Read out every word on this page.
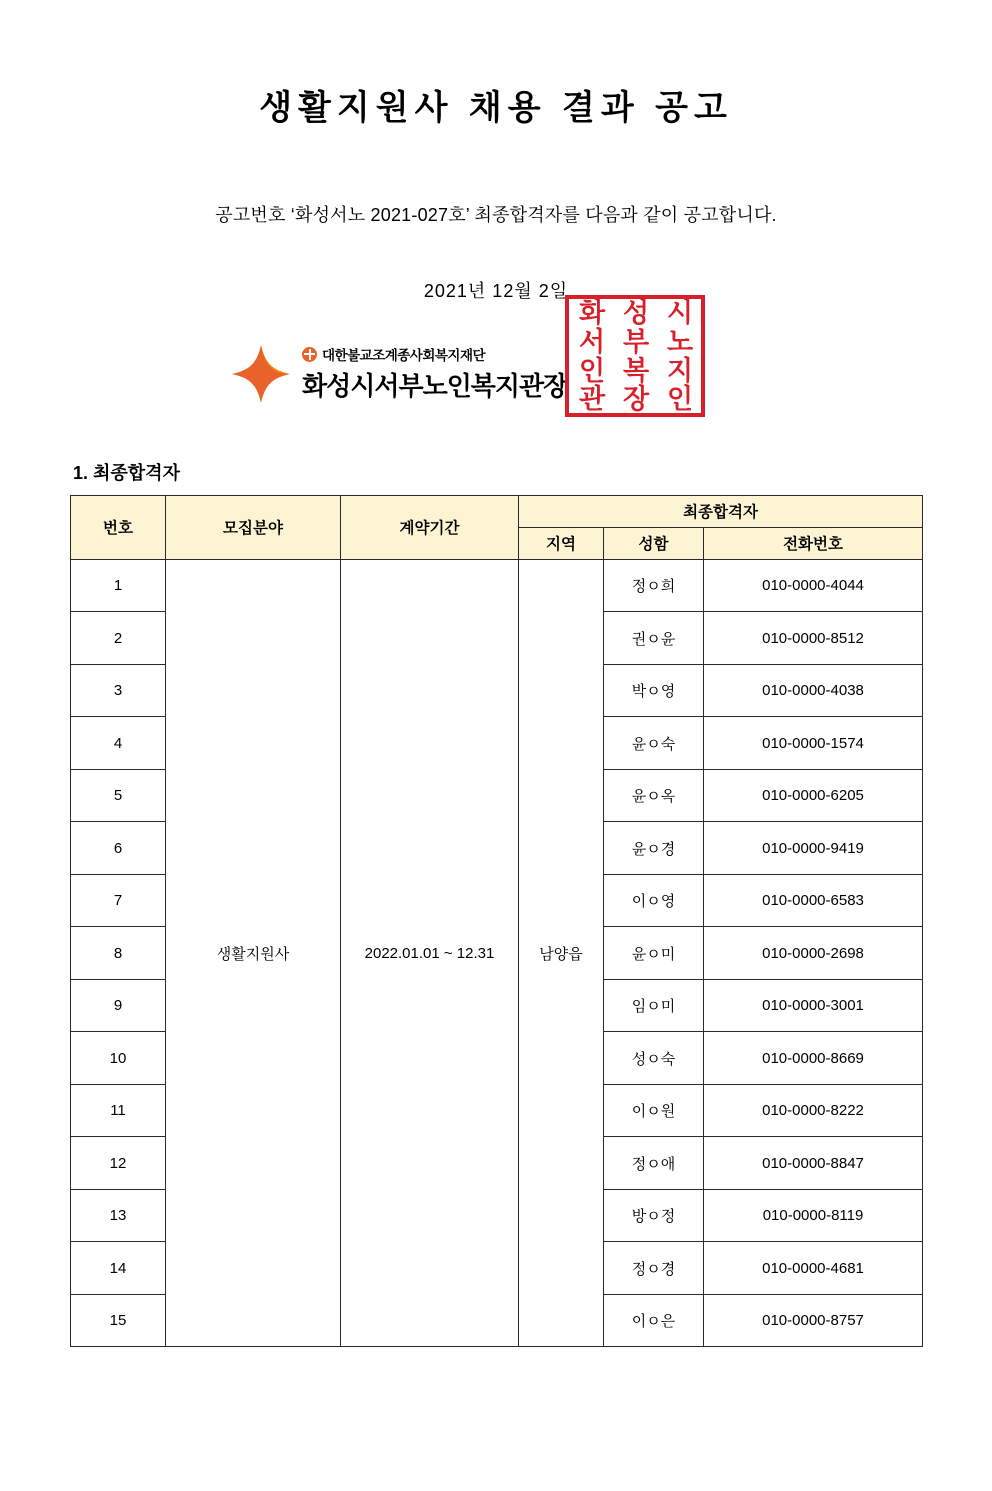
생활지원사 채용 결과 공고

공고번호 ‘화성서노 2021-027호’ 최종합격자를 다음과 같이 공고합니다.

2021년 12월 2일

대한불교조계종사회복지재단
화성시서부노인복지관장
화 성 시
서 부 노
인 복 지
관 장 인
1. 최종합격자
번호	모집분야	계약기간	최종합격자		
			지역	성함	전화번호
1	생활지원사	2022.01.01 ~ 12.31	남양읍	정ㅇ희	010-0000-4044
2				권ㅇ윤	010-0000-8512
3				박ㅇ영	010-0000-4038
4				윤ㅇ숙	010-0000-1574
5				윤ㅇ옥	010-0000-6205
6				윤ㅇ경	010-0000-9419
7				이ㅇ영	010-0000-6583
8				윤ㅇ미	010-0000-2698
9				임ㅇ미	010-0000-3001
10				성ㅇ숙	010-0000-8669
11				이ㅇ원	010-0000-8222
12				정ㅇ애	010-0000-8847
13				방ㅇ정	010-0000-8119
14				정ㅇ경	010-0000-4681
15				이ㅇ은	010-0000-8757
